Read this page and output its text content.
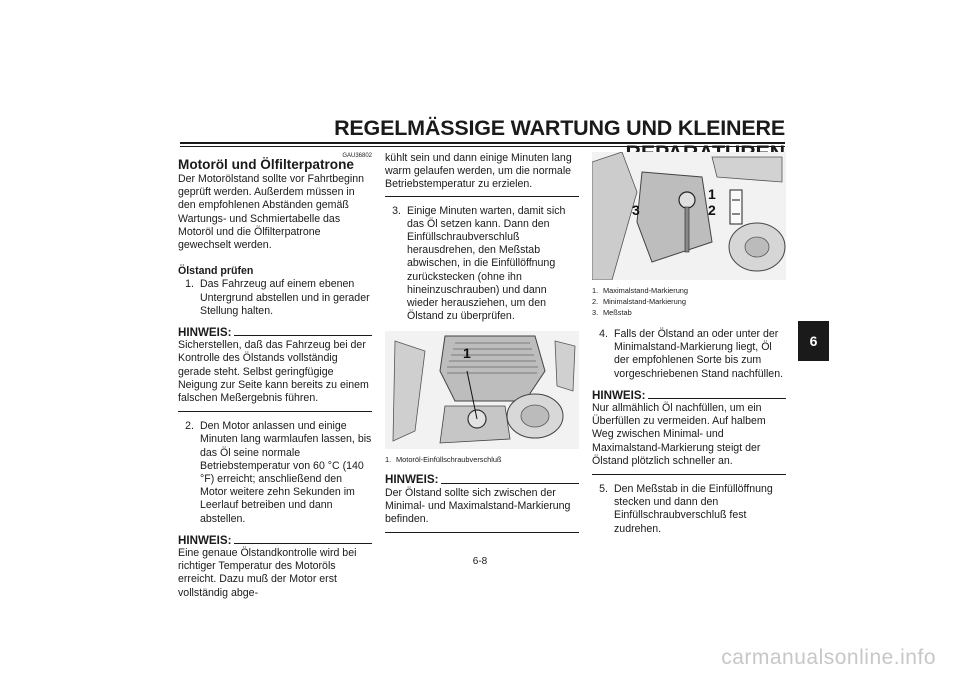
REGELMÄSSIGE WARTUNG UND KLEINERE
6
GAU36802
Motoröl und Ölfilterpatrone

Der Motorölstand sollte vor Fahrtbeginn geprüft werden. Außerdem müssen in den empfohlenen Abständen gemäß Wartungs- und Schmiertabelle das Motoröl und die Ölfilterpatrone gewechselt werden.

Ölstand prüfen
1. Das Fahrzeug auf einem ebenen Untergrund abstellen und in gerader Stellung halten.
HINWEIS:

Sicherstellen, daß das Fahrzeug bei der Kontrolle des Ölstands vollständig gerade steht. Selbst geringfügige Neigung zur Seite kann bereits zu einem falschen Meßergebnis führen.

2. Den Motor anlassen und einige Minuten lang warmlaufen lassen, bis das Öl seine normale Betriebstemperatur von 60 °C (140 °F) erreicht; anschließend den Motor weitere zehn Sekunden im Leerlauf betreiben und dann abstellen.
HINWEIS:

Eine genaue Ölstandkontrolle wird bei richtiger Temperatur des Motoröls erreicht. Dazu muß der Motor erst vollständig abge-

kühlt sein und dann einige Minuten lang warm gelaufen werden, um die normale Betriebstemperatur zu erzielen.

3. Einige Minuten warten, damit sich das Öl setzen kann. Dann den Einfüllschraubverschluß herausdrehen, den Meßstab abwischen, in die Einfüllöffnung zurückstecken (ohne ihn hineinzuschrauben) und dann wieder herausziehen, um den Ölstand zu überprüfen.
1
1. Motoröl-Einfüllschraubverschluß
HINWEIS:

Der Ölstand sollte sich zwischen der Minimal- und Maximalstand-Markierung befinden.

1
2
3
1. Maximalstand-Markierung
2. Minimalstand-Markierung
3. Meßstab
4. Falls der Ölstand an oder unter der Minimalstand-Markierung liegt, Öl der empfohlenen Sorte bis zum vorgeschriebenen Stand nachfüllen.
HINWEIS:

Nur allmählich Öl nachfüllen, um ein Überfüllen zu vermeiden. Auf halbem Weg zwischen Minimal- und Maximalstand-Markierung steigt der Ölstand plötzlich schneller an.

5. Den Meßstab in die Einfüllöffnung stecken und dann den Einfüllschraubverschluß fest zudrehen.
6-8
carmanualsonline.info
